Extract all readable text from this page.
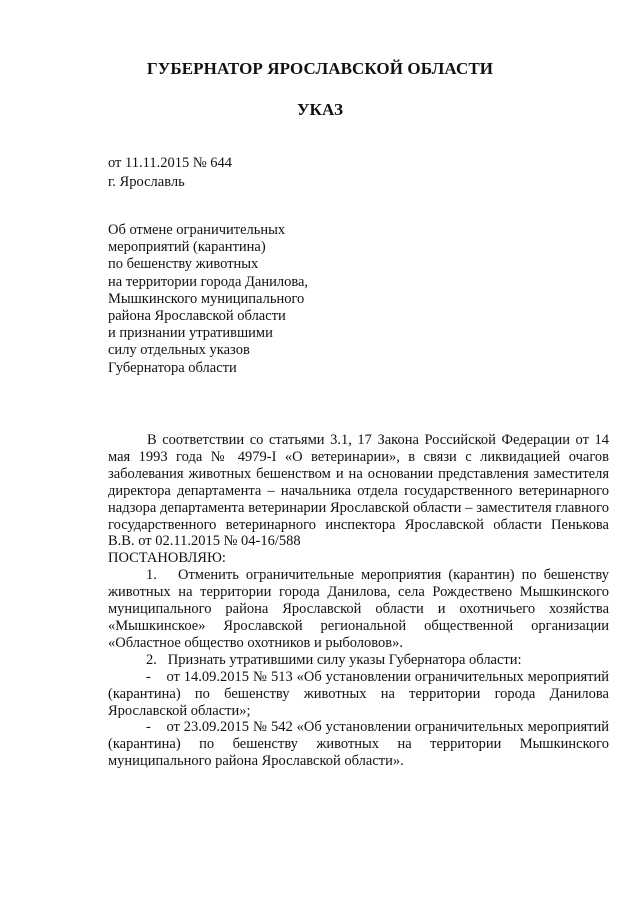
ГУБЕРНАТОР ЯРОСЛАВСКОЙ ОБЛАСТИ
УКАЗ
от 11.11.2015 № 644
г. Ярославль
Об отмене ограничительных
мероприятий (карантина)
по бешенству животных
на территории города Данилова,
Мышкинского муниципального
района Ярославской области
и признании утратившими
силу отдельных указов
Губернатора области
В соответствии со статьями 3.1, 17 Закона Российской Федерации от 14 мая 1993 года № 4979-I «О ветеринарии», в связи с ликвидацией очагов заболевания животных бешенством и на основании представления заместителя директора департамента – начальника отдела государственного ветеринарного надзора департамента ветеринарии Ярославской области – заместителя главного государственного ветеринарного инспектора Ярославской области Пенькова В.В. от 02.11.2015 № 04-16/588
ПОСТАНОВЛЯЮ:
1.   Отменить ограничительные мероприятия (карантин) по бешенству животных на территории города Данилова, села Рождествено Мышкинского муниципального района Ярославской области и охотничьего хозяйства «Мышкинское» Ярославской региональной общественной организации «Областное общество охотников и рыболовов».
2.   Признать утратившими силу указы Губернатора области:
-    от 14.09.2015 № 513 «Об установлении ограничительных мероприятий (карантина) по бешенству животных на территории города Данилова Ярославской области»;
-    от 23.09.2015 № 542 «Об установлении ограничительных мероприятий (карантина) по бешенству животных на территории Мышкинского муниципального района Ярославской области».
